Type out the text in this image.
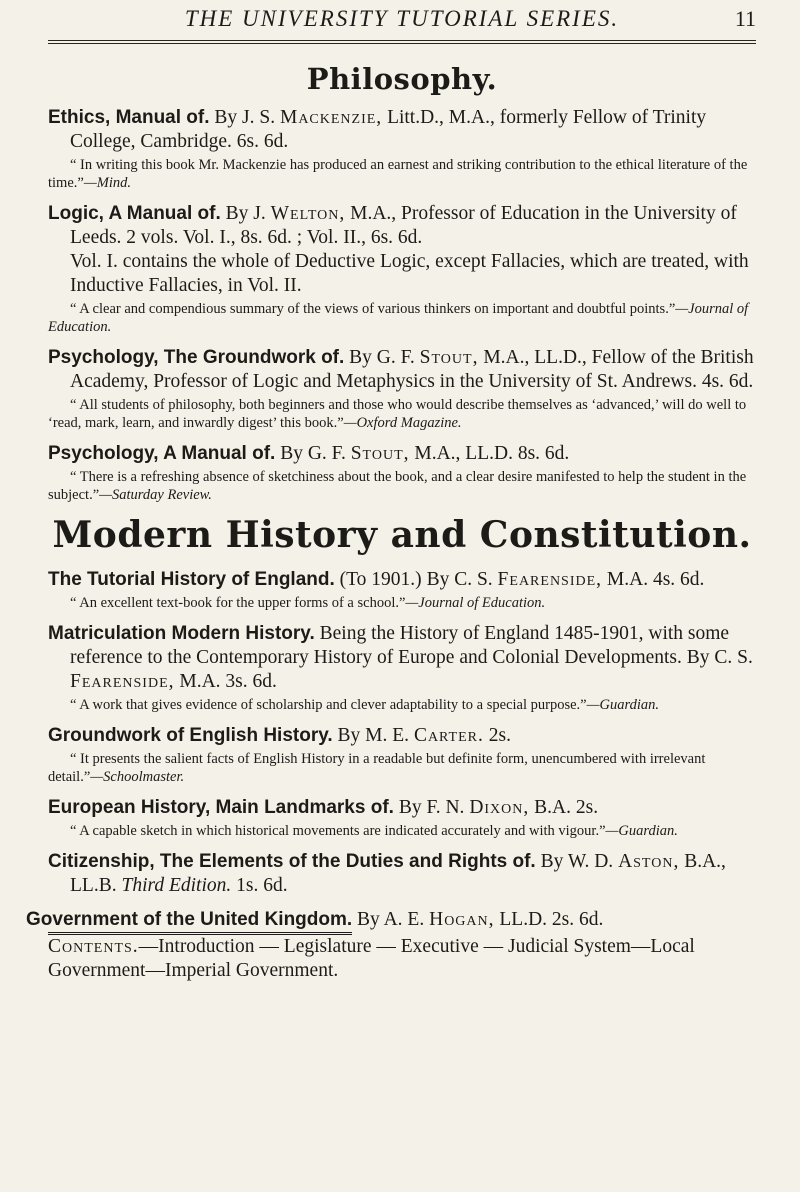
THE UNIVERSITY TUTORIAL SERIES.	11
Philosophy.

Ethics, Manual of. By J. S. Mackenzie, Litt.D., M.A., formerly Fellow of Trinity College, Cambridge. 6s. 6d.

“ In writing this book Mr. Mackenzie has produced an earnest and striking contribution to the ethical literature of the time.”—Mind.

Logic, A Manual of. By J. Welton, M.A., Professor of Education in the University of Leeds. 2 vols. Vol. I., 8s. 6d. ; Vol. II., 6s. 6d.

Vol. I. contains the whole of Deductive Logic, except Fallacies, which are treated, with Inductive Fallacies, in Vol. II.

“ A clear and compendious summary of the views of various thinkers on important and doubtful points.”—Journal of Education.

Psychology, The Groundwork of. By G. F. Stout, M.A., LL.D., Fellow of the British Academy, Professor of Logic and Metaphysics in the University of St. Andrews. 4s. 6d.

“ All students of philosophy, both beginners and those who would describe themselves as ‘advanced,’ will do well to ‘read, mark, learn, and inwardly digest’ this book.”—Oxford Magazine.

Psychology, A Manual of. By G. F. Stout, M.A., LL.D. 8s. 6d.

“ There is a refreshing absence of sketchiness about the book, and a clear desire manifested to help the student in the subject.”—Saturday Review.

Modern History and Constitution.

The Tutorial History of England. (To 1901.) By C. S. Fearenside, M.A. 4s. 6d.

“ An excellent text-book for the upper forms of a school.”—Journal of Education.

Matriculation Modern History. Being the History of England 1485-1901, with some reference to the Contemporary History of Europe and Colonial Developments. By C. S. Fearenside, M.A. 3s. 6d.

“ A work that gives evidence of scholarship and clever adaptability to a special purpose.”—Guardian.

Groundwork of English History. By M. E. Carter. 2s.

“ It presents the salient facts of English History in a readable but definite form, unencumbered with irrelevant detail.”—Schoolmaster.

European History, Main Landmarks of. By F. N. Dixon, B.A. 2s.

“ A capable sketch in which historical movements are indicated accurately and with vigour.”—Guardian.

Citizenship, The Elements of the Duties and Rights of. By W. D. Aston, B.A., LL.B. Third Edition. 1s. 6d.

Government of the United Kingdom. By A. E. Hogan, LL.D. 2s. 6d.

Contents.—Introduction — Legislature — Executive — Judicial System—Local Government—Imperial Government.
